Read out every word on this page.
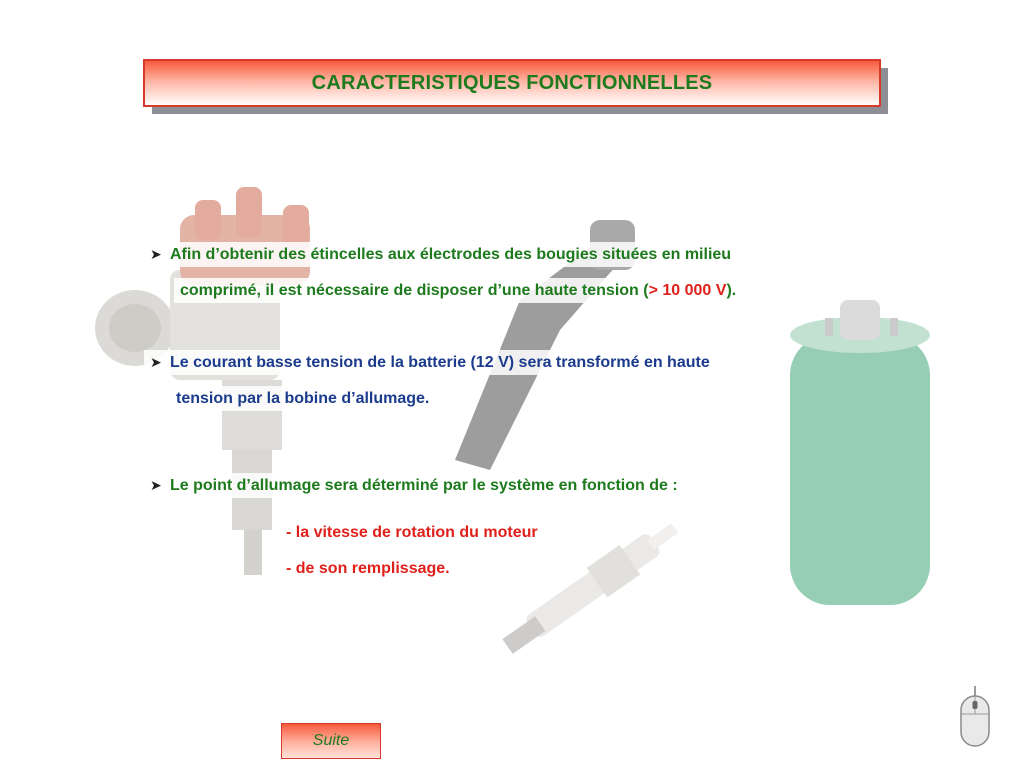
CARACTERISTIQUES FONCTIONNELLES
➤ Afin d’obtenir des étincelles aux électrodes des bougies situées en milieu
comprimé, il est nécessaire de disposer d’une haute tension (> 10 000 V).
➤ Le courant basse tension de la batterie (12 V) sera transformé en haute
tension par la bobine d’allumage.
➤ Le point d’allumage sera déterminé par le système en fonction de :
- la vitesse de rotation du moteur
- de son remplissage.
Suite
